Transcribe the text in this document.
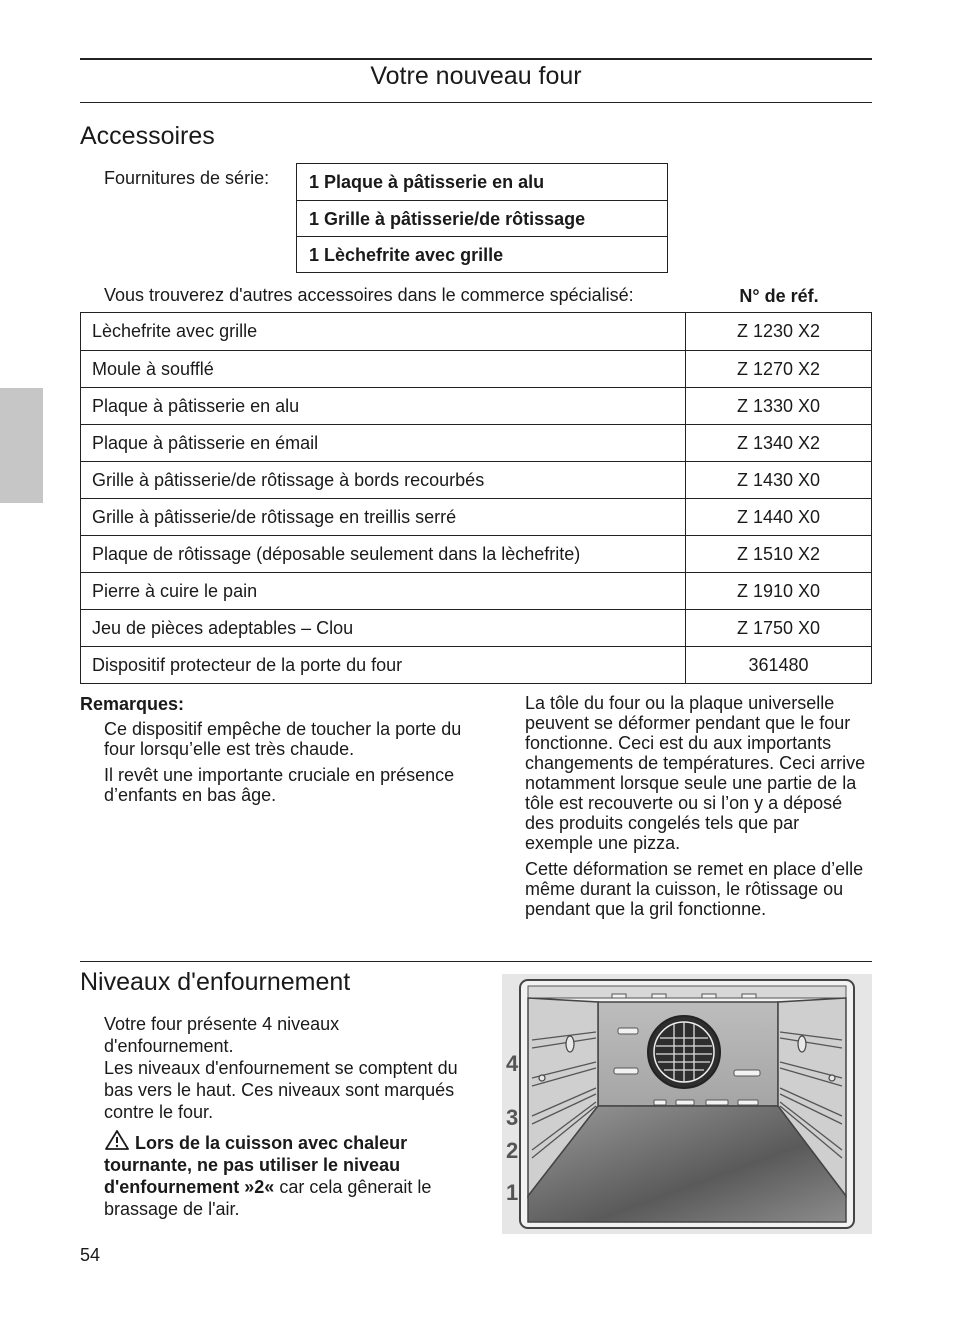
Votre nouveau four
Accessoires
Fournitures de série:	1 Plaque à pâtisserie en alu
1 Grille à pâtisserie/de rôtissage
1 Lèchefrite avec grille
Vous trouverez d'autres accessoires dans le commerce spécialisé:	N° de réf.
Lèchefrite avec grille	Z 1230 X2
Moule à soufflé	Z 1270 X2
Plaque à pâtisserie en alu	Z 1330 X0
Plaque à pâtisserie en émail	Z 1340 X2
Grille à pâtisserie/de rôtissage à bords recourbés	Z 1430 X0
Grille à pâtisserie/de rôtissage en treillis serré	Z 1440 X0
Plaque de rôtissage (déposable seulement dans la lèchefrite)	Z 1510 X2
Pierre à cuire le pain	Z 1910 X0
Jeu de pièces adeptables – Clou	Z 1750 X0
Dispositif protecteur de la porte du four	361480
Remarques:

Ce dispositif empêche de toucher la porte du four lorsqu’elle est très chaude.

Il revêt une importante cruciale en présence d’enfants en bas âge.

La tôle du four ou la plaque universelle peuvent se déformer pendant que le four fonctionne. Ceci est du aux importants changements de températures. Ceci arrive notamment lorsque seule une partie de la tôle est recouverte ou si l’on y a déposé des produits congelés tels que par exemple une pizza.

Cette déformation se remet en place d’elle même durant la cuisson, le rôtissage ou pendant que la gril fonctionne.

Niveaux d'enfournement

Votre four présente 4 niveaux d'enfournement.

Les niveaux d'enfournement se comptent du bas vers le haut. Ces niveaux sont marqués contre le four.

Lors de la cuisson avec chaleur tournante, ne pas utiliser le niveau d'enfournement »2« car cela gênerait le brassage de l'air.

4
3
2
1
54
